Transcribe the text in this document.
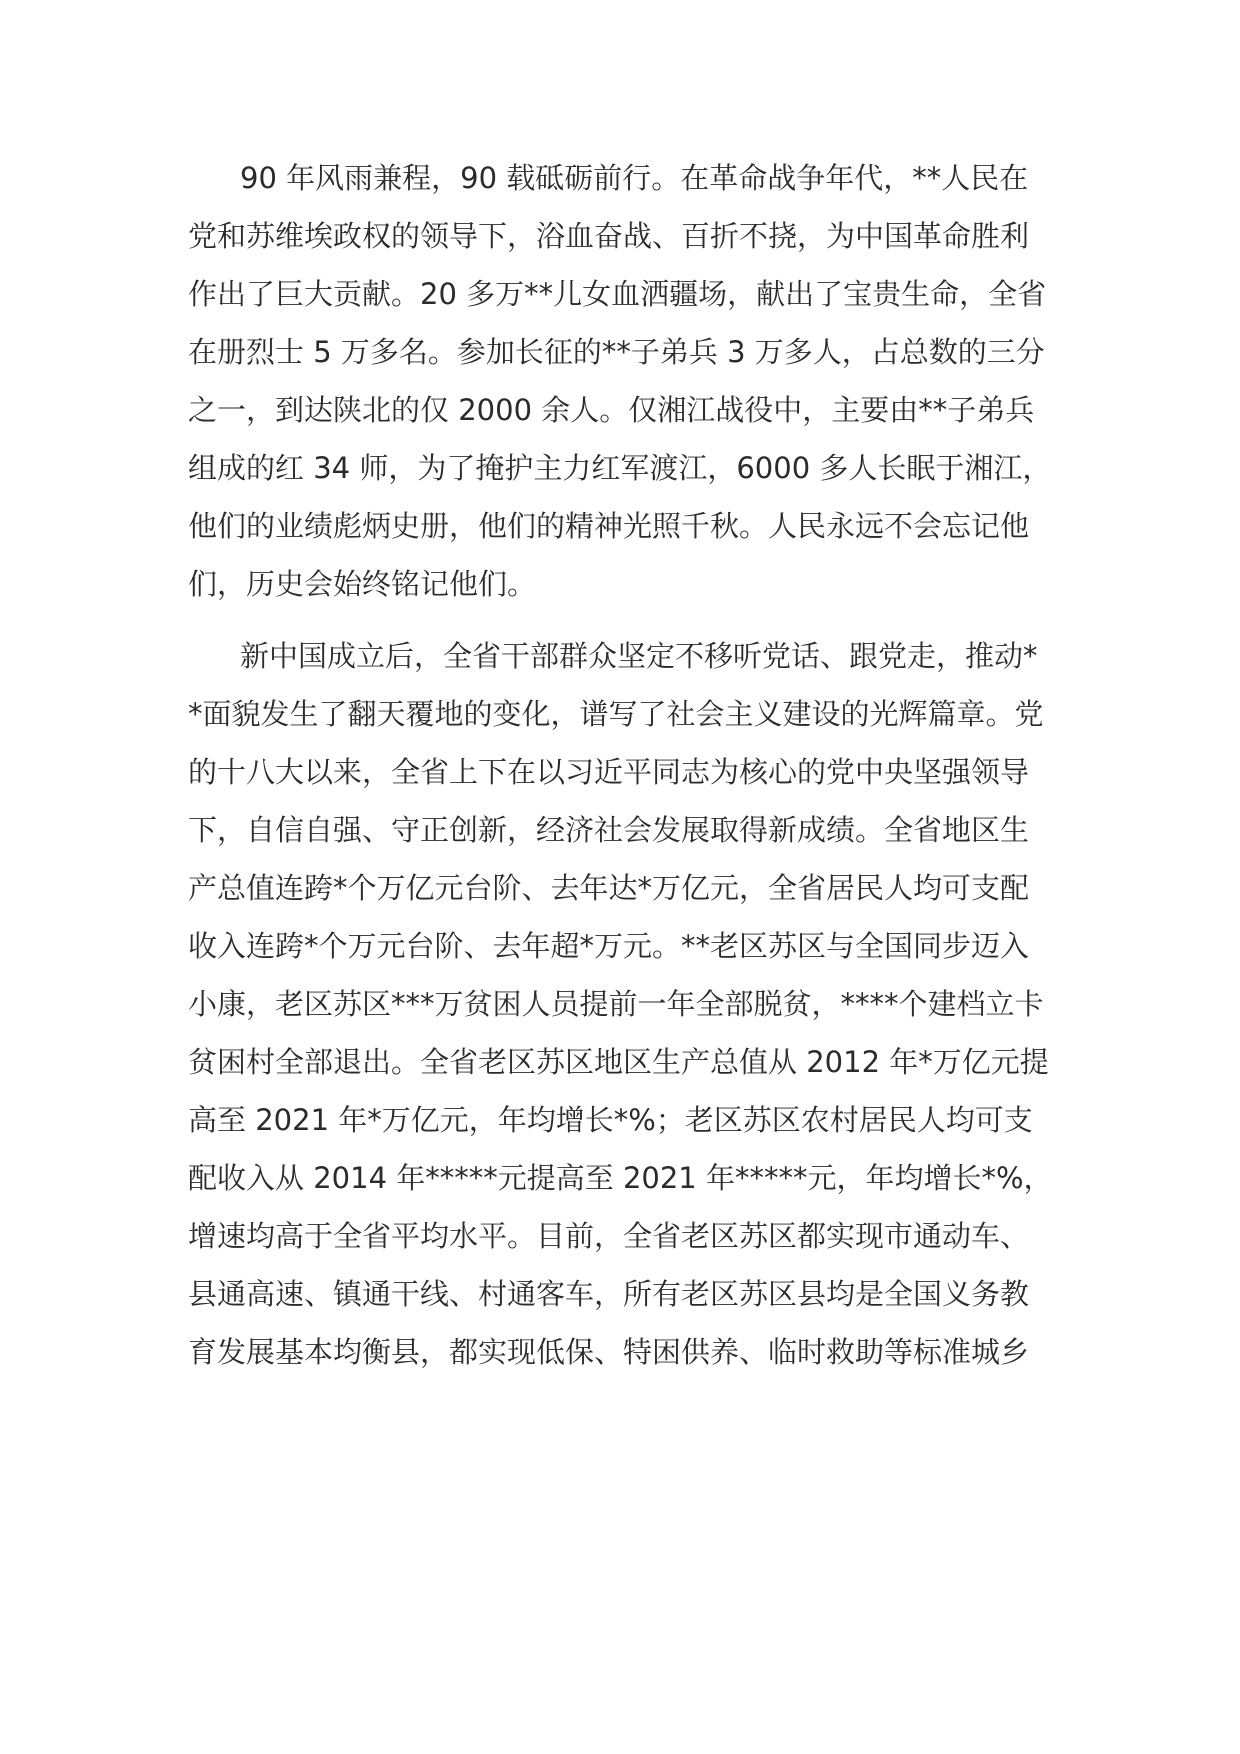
90 年风雨兼程，90 载砥砺前行。在革命战争年代，**人民在
党和苏维埃政权的领导下，浴血奋战、百折不挠，为中国革命胜利
作出了巨大贡献。20 多万**儿女血洒疆场，献出了宝贵生命，全省
在册烈士 5 万多名。参加长征的**子弟兵 3 万多人，占总数的三分
之一，到达陕北的仅 2000 余人。仅湘江战役中，主要由**子弟兵
组成的红 34 师，为了掩护主力红军渡江，6000 多人长眠于湘江，
他们的业绩彪炳史册，他们的精神光照千秋。人民永远不会忘记他
们，历史会始终铭记他们。
新中国成立后，全省干部群众坚定不移听党话、跟党走，推动*
*面貌发生了翻天覆地的变化，谱写了社会主义建设的光辉篇章。党
的十八大以来，全省上下在以习近平同志为核心的党中央坚强领导
下，自信自强、守正创新，经济社会发展取得新成绩。全省地区生
产总值连跨*个万亿元台阶、去年达*万亿元，全省居民人均可支配
收入连跨*个万元台阶、去年超*万元。**老区苏区与全国同步迈入
小康，老区苏区***万贫困人员提前一年全部脱贫，****个建档立卡
贫困村全部退出。全省老区苏区地区生产总值从 2012 年*万亿元提
高至 2021 年*万亿元，年均增长*%；老区苏区农村居民人均可支
配收入从 2014 年*****元提高至 2021 年*****元，年均增长*%，
增速均高于全省平均水平。目前，全省老区苏区都实现市通动车、
县通高速、镇通干线、村通客车，所有老区苏区县均是全国义务教
育发展基本均衡县，都实现低保、特困供养、临时救助等标准城乡
